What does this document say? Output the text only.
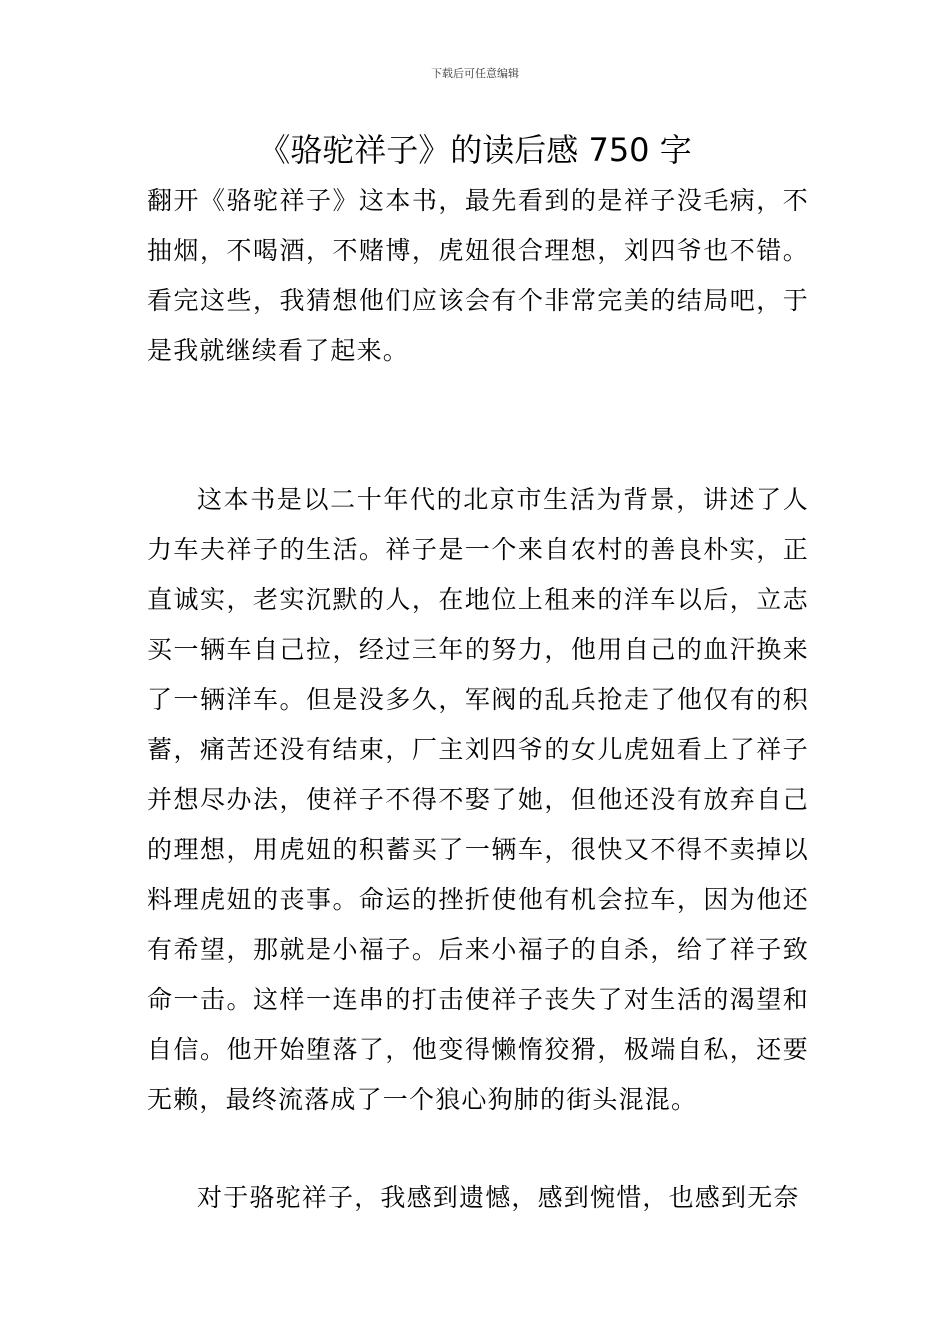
下载后可任意编辑
《骆驼祥子》的读后感 750 字

翻开《骆驼祥子》这本书，最先看到的是祥子没毛病，不抽烟，不喝酒，不赌博，虎妞很合理想，刘四爷也不错。看完这些，我猜想他们应该会有个非常完美的结局吧，于是我就继续看了起来。

这本书是以二十年代的北京市生活为背景，讲述了人力车夫祥子的生活。祥子是一个来自农村的善良朴实，正直诚实，老实沉默的人，在地位上租来的洋车以后，立志买一辆车自己拉，经过三年的努力，他用自己的血汗换来了一辆洋车。但是没多久，军阀的乱兵抢走了他仅有的积蓄，痛苦还没有结束，厂主刘四爷的女儿虎妞看上了祥子并想尽办法，使祥子不得不娶了她，但他还没有放弃自己的理想，用虎妞的积蓄买了一辆车，很快又不得不卖掉以料理虎妞的丧事。命运的挫折使他有机会拉车，因为他还有希望，那就是小福子。后来小福子的自杀，给了祥子致命一击。这样一连串的打击使祥子丧失了对生活的渴望和自信。他开始堕落了，他变得懒惰狡猾，极端自私，还要无赖，最终流落成了一个狼心狗肺的街头混混。

对于骆驼祥子，我感到遗憾，感到惋惜，也感到无奈
